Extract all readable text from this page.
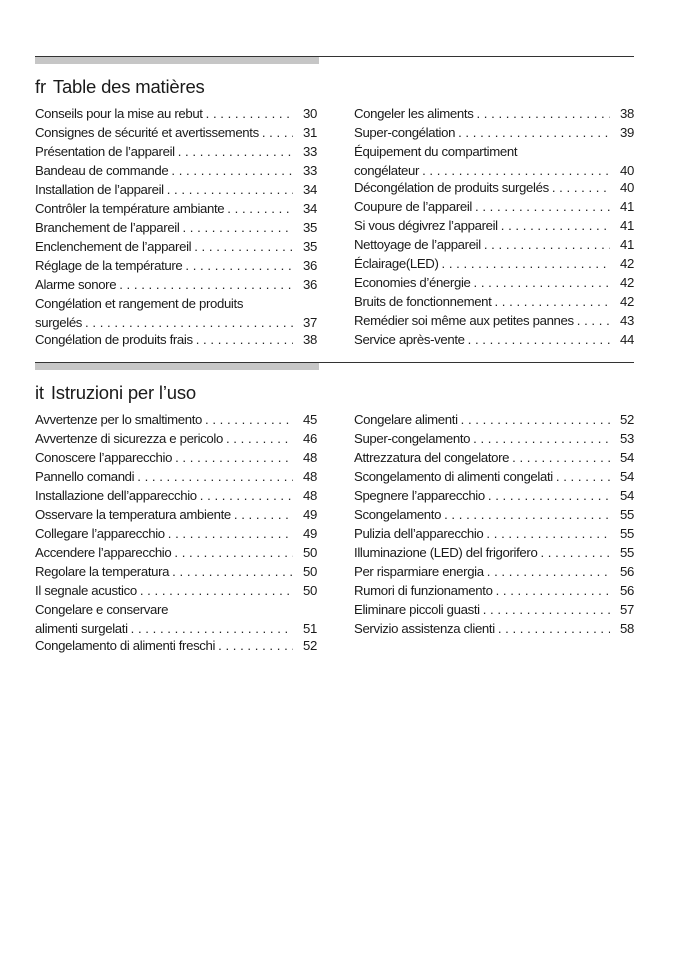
fr Table des matières
Conseils pour la mise au rebut . . .	30
Consignes de sécurité et avertissements . . .	31
Présentation de l’appareil . . .	33
Bandeau de commande . . .	33
Installation de l’appareil . . .	34
Contrôler la température ambiante . . .	34
Branchement de l’appareil . . .	35
Enclenchement de l’appareil . . .	35
Réglage de la température . . .	36
Alarme sonore . . .	36
Congélation et rangement de produits
surgelés . . .	37
Congélation de produits frais . . .	38
Congeler les aliments . . .	38
Super-congélation . . .	39
Équipement du compartiment
congélateur . . .	40
Décongélation de produits surgelés . . .	40
Coupure de l’appareil . . .	41
Si vous dégivrez l’appareil . . .	41
Nettoyage de l’appareil . . .	41
Éclairage(LED) . . .	42
Economies d’énergie . . .	42
Bruits de fonctionnement . . .	42
Remédier soi même aux petites pannes . . .	43
Service après-vente . . .	44
it Istruzioni per l’uso
Avvertenze per lo smaltimento . . .	45
Avvertenze di sicurezza e pericolo . . .	46
Conoscere l’apparecchio . . .	48
Pannello comandi . . .	48
Installazione dell’apparecchio . . .	48
Osservare la temperatura ambiente . . .	49
Collegare l’apparecchio . . .	49
Accendere l’apparecchio . . .	50
Regolare la temperatura . . .	50
Il segnale acustico . . .	50
Congelare e conservare
alimenti surgelati . . .	51
Congelamento di alimenti freschi . . .	52
Congelare alimenti . . .	52
Super-congelamento . . .	53
Attrezzatura del congelatore . . .	54
Scongelamento di alimenti congelati . . .	54
Spegnere l’apparecchio . . .	54
Scongelamento . . .	55
Pulizia dell’apparecchio . . .	55
Illuminazione (LED) del frigorifero . . .	55
Per risparmiare energia . . .	56
Rumori di funzionamento . . .	56
Eliminare piccoli guasti . . .	57
Servizio assistenza clienti . . .	58
